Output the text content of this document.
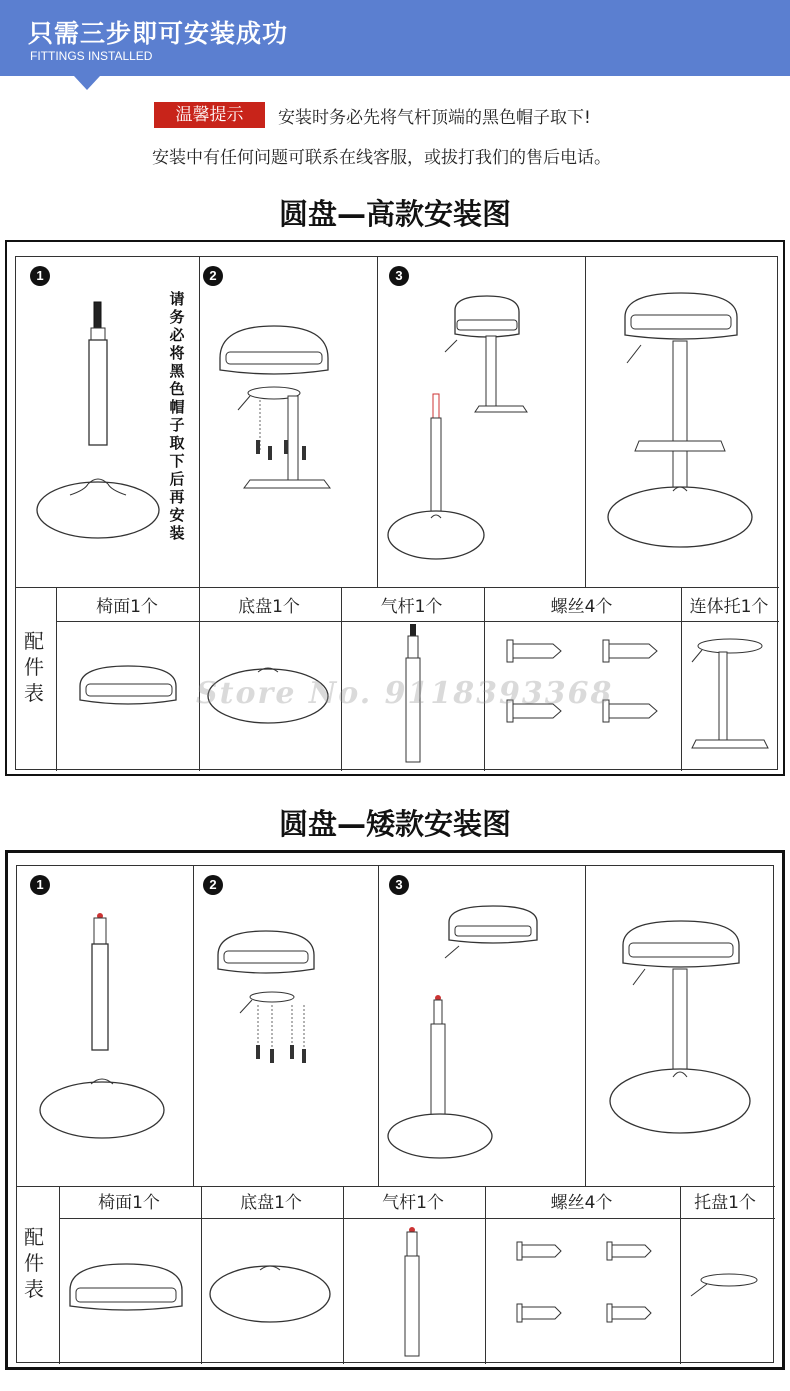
只需三步即可安装成功
FITTINGS INSTALLED
温馨提示	安装时务必先将气杆顶端的黑色帽子取下!
安装中有任何问题可联系在线客服，或拔打我们的售后电话。
圆盘—高款安装图
1	2	3
请务必将黑色帽子取下后再安装
配件表
椅面1个	底盘1个	气杆1个	螺丝4个	连体托1个
Store No. 9118393368
圆盘—矮款安装图
1	2	3
配件表
椅面1个	底盘1个	气杆1个	螺丝4个	托盘1个
